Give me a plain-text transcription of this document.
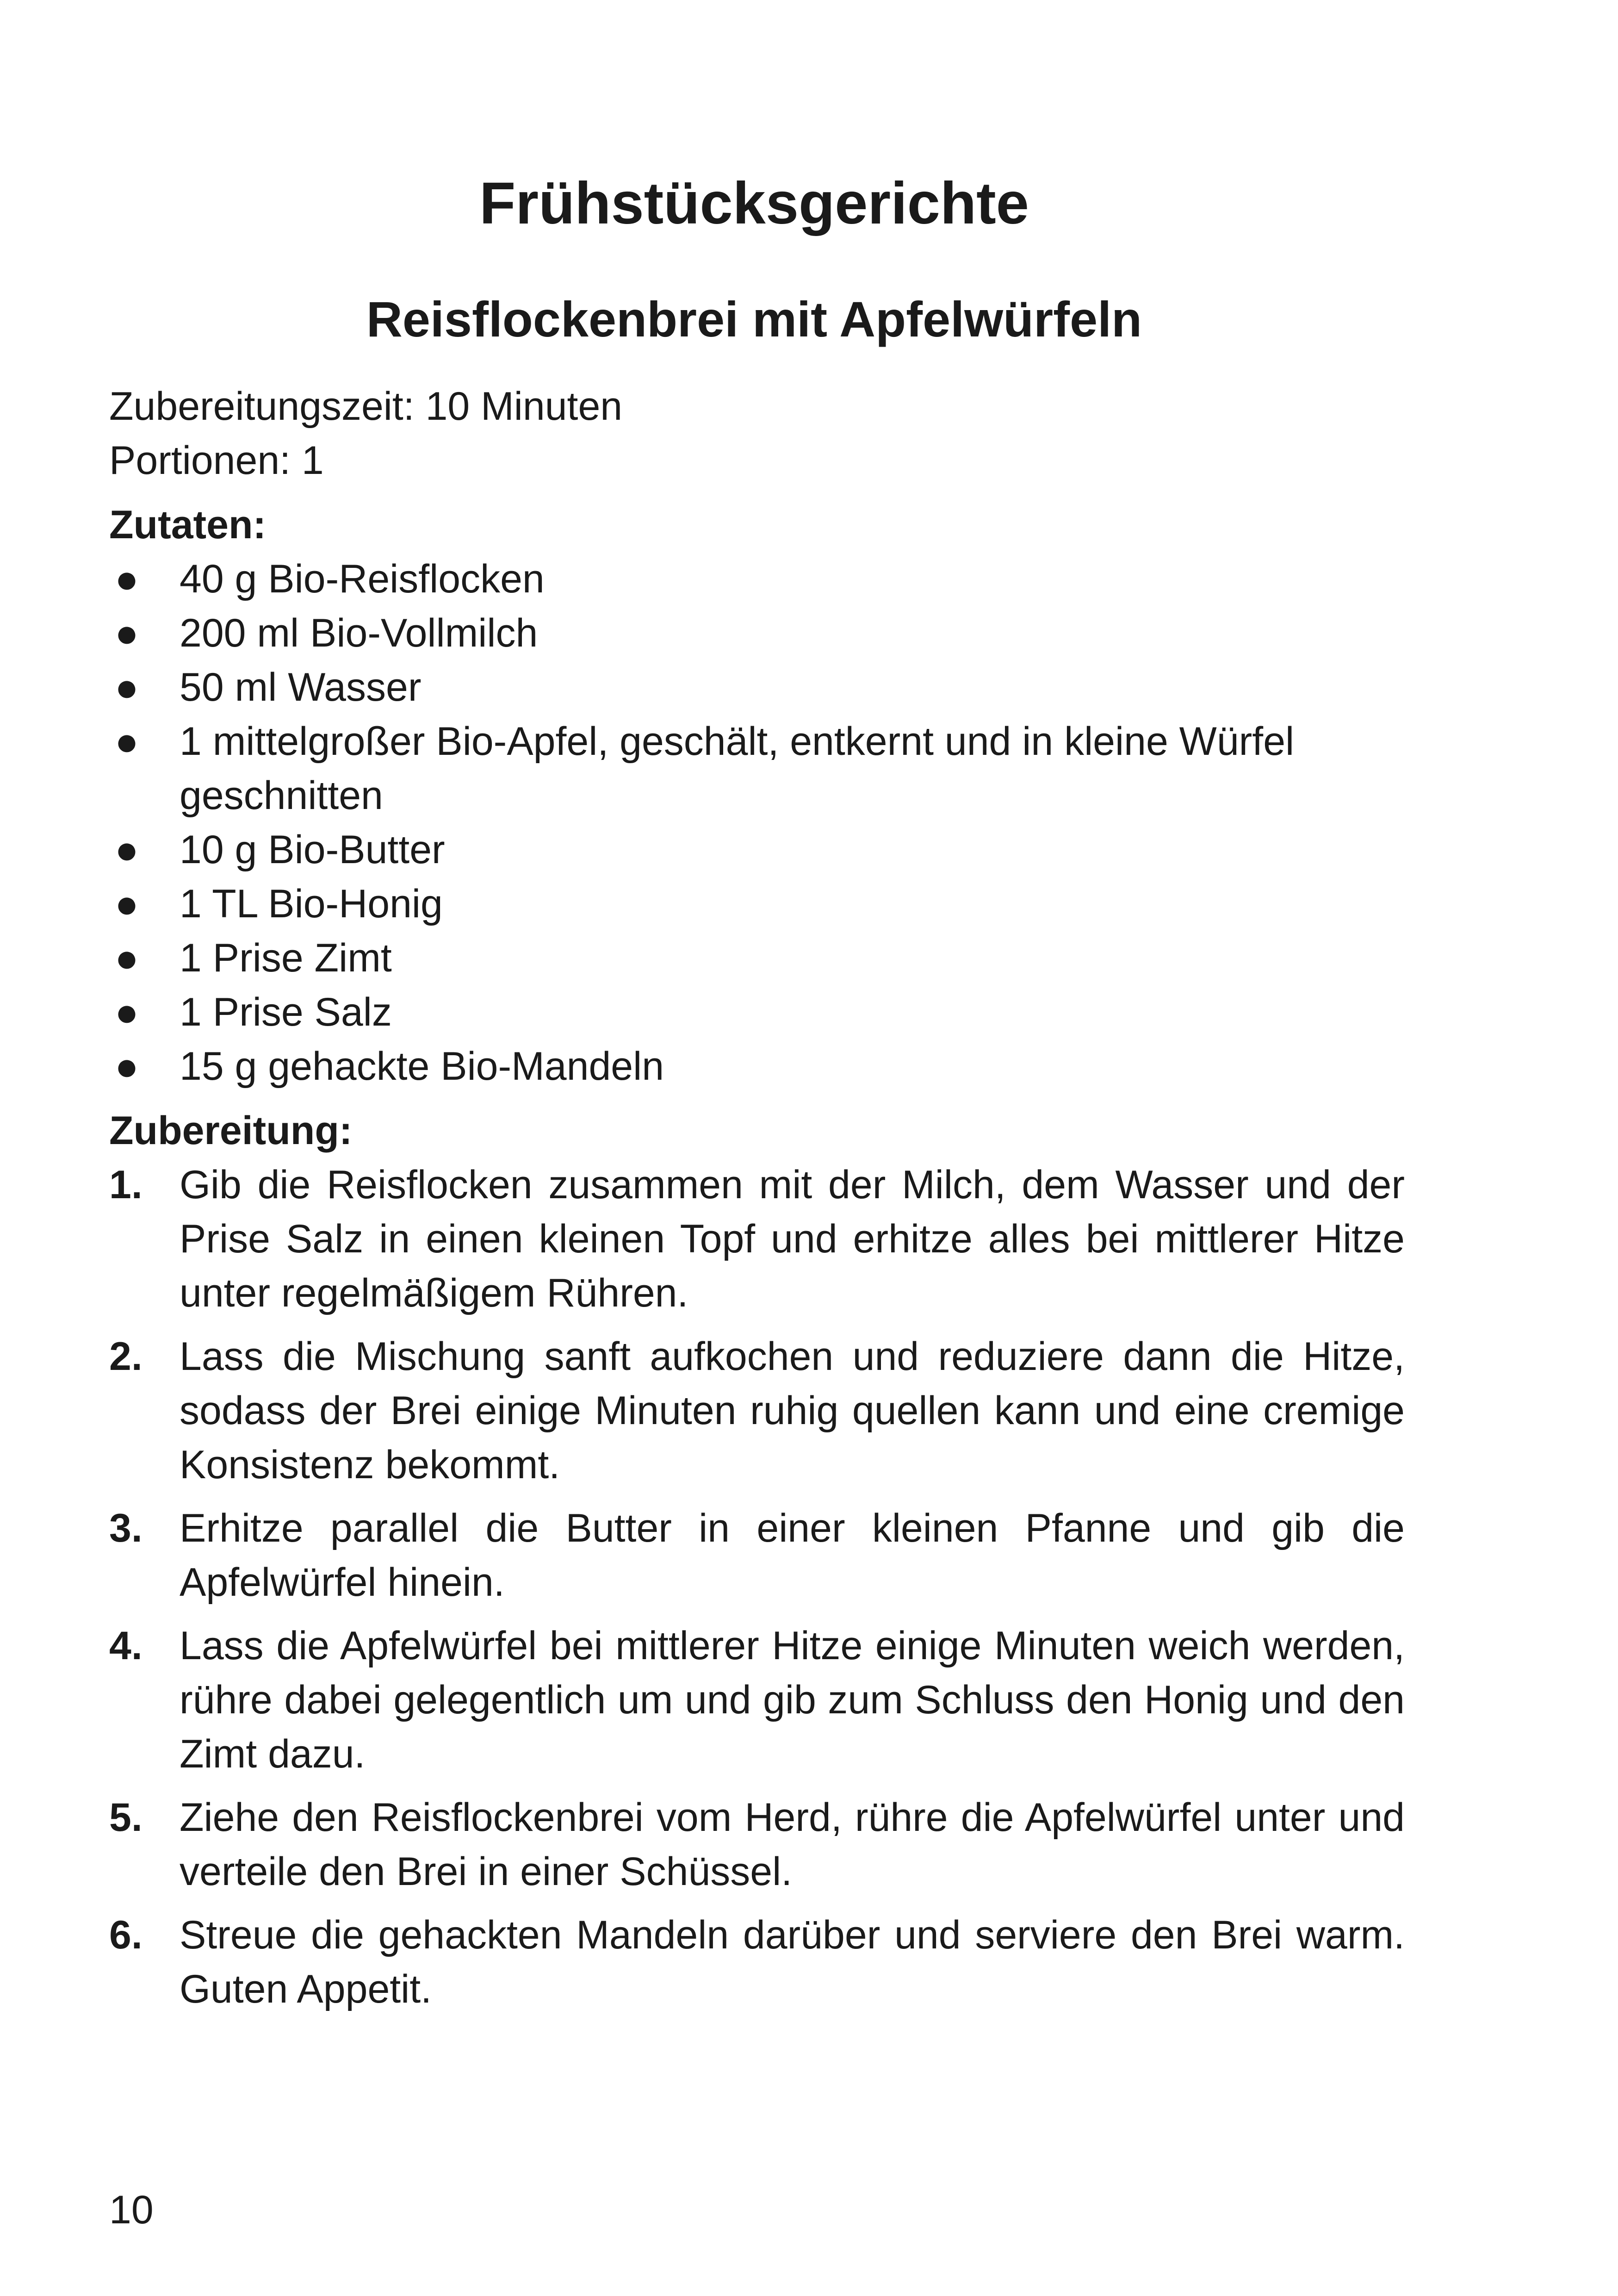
Frühstücksgerichte
Reisflockenbrei mit Apfelwürfeln

Zubereitungszeit: 10 Minuten

Portionen: 1

Zutaten:
● 40 g Bio-Reisflocken
● 200 ml Bio-Vollmilch
● 50 ml Wasser
● 1 mittelgroßer Bio-Apfel, geschält, entkernt und in kleine Würfel geschnitten
● 10 g Bio-Butter
● 1 TL Bio-Honig
● 1 Prise Zimt
● 1 Prise Salz
● 15 g gehackte Bio-Mandeln
Zubereitung:
1. Gib die Reisflocken zusammen mit der Milch, dem Wasser und der Prise Salz in einen kleinen Topf und erhitze alles bei mittlerer Hitze unter regelmäßigem Rühren.
2. Lass die Mischung sanft aufkochen und reduziere dann die Hitze, sodass der Brei einige Minuten ruhig quellen kann und eine cremige Konsistenz bekommt.
3. Erhitze parallel die Butter in einer kleinen Pfanne und gib die Apfelwürfel hinein.
4. Lass die Apfelwürfel bei mittlerer Hitze einige Minuten weich werden, rühre dabei gelegentlich um und gib zum Schluss den Honig und den Zimt dazu.
5. Ziehe den Reisflockenbrei vom Herd, rühre die Apfelwürfel unter und verteile den Brei in einer Schüssel.
6. Streue die gehackten Mandeln darüber und serviere den Brei warm. Guten Appetit.
10
